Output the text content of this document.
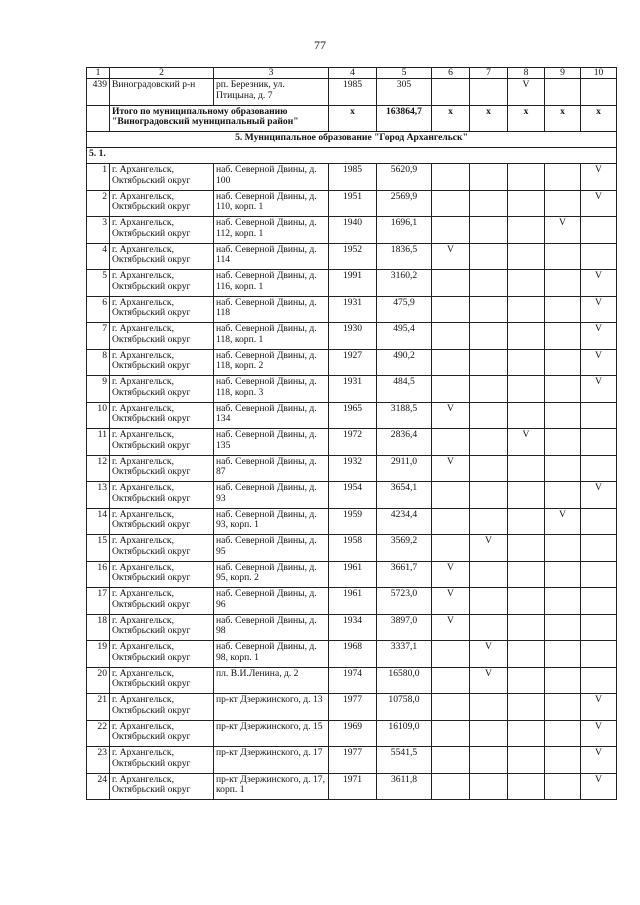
77
1	2	3	4	5	6	7	8	9	10
439	Виноградовский р-н	рп. Березник, ул. Птицына, д. 7	1985	305			V		
	Итого по муниципальному образованию "Виноградовский муниципальный район"		x	163864,7	x	x	x	x	x
5. Муниципальное образование "Город Архангельск"									
5. 1.									
1	г. Архангельск, Октябрьский округ	наб. Северной Двины, д. 100	1985	5620,9					V
2	г. Архангельск, Октябрьский округ	наб. Северной Двины, д. 110, корп. 1	1951	2569,9					V
3	г. Архангельск, Октябрьский округ	наб. Северной Двины, д. 112, корп. 1	1940	1696,1				V	
4	г. Архангельск, Октябрьский округ	наб. Северной Двины, д. 114	1952	1836,5	V				
5	г. Архангельск, Октябрьский округ	наб. Северной Двины, д. 116, корп. 1	1991	3160,2					V
6	г. Архангельск, Октябрьский округ	наб. Северной Двины, д. 118	1931	475,9					V
7	г. Архангельск, Октябрьский округ	наб. Северной Двины, д. 118, корп. 1	1930	495,4					V
8	г. Архангельск, Октябрьский округ	наб. Северной Двины, д. 118, корп. 2	1927	490,2					V
9	г. Архангельск, Октябрьский округ	наб. Северной Двины, д. 118, корп. 3	1931	484,5					V
10	г. Архангельск, Октябрьский округ	наб. Северной Двины, д. 134	1965	3188,5	V				
11	г. Архангельск, Октябрьский округ	наб. Северной Двины, д. 135	1972	2836,4			V		
12	г. Архангельск, Октябрьский округ	наб. Северной Двины, д. 87	1932	2911,0	V				
13	г. Архангельск, Октябрьский округ	наб. Северной Двины, д. 93	1954	3654,1					V
14	г. Архангельск, Октябрьский округ	наб. Северной Двины, д. 93, корп. 1	1959	4234,4				V	
15	г. Архангельск, Октябрьский округ	наб. Северной Двины, д. 95	1958	3569,2		V			
16	г. Архангельск, Октябрьский округ	наб. Северной Двины, д. 95, корп. 2	1961	3661,7	V				
17	г. Архангельск, Октябрьский округ	наб. Северной Двины, д. 96	1961	5723,0	V				
18	г. Архангельск, Октябрьский округ	наб. Северной Двины, д. 98	1934	3897,0	V				
19	г. Архангельск, Октябрьский округ	наб. Северной Двины, д. 98, корп. 1	1968	3337,1		V			
20	г. Архангельск, Октябрьский округ	пл. В.И.Ленина, д. 2	1974	16580,0		V			
21	г. Архангельск, Октябрьский округ	пр-кт Дзержинского, д. 13	1977	10758,0					V
22	г. Архангельск, Октябрьский округ	пр-кт Дзержинского, д. 15	1969	16109,0					V
23	г. Архангельск, Октябрьский округ	пр-кт Дзержинского, д. 17	1977	5541,5					V
24	г. Архангельск, Октябрьский округ	пр-кт Дзержинского, д. 17, корп. 1	1971	3611,8					V
